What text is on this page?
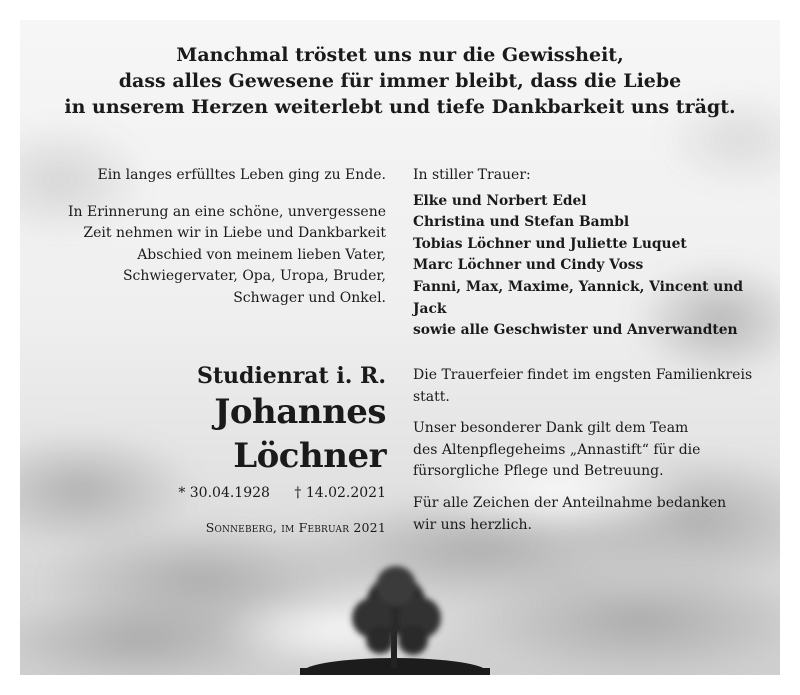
Manchmal tröstet uns nur die Gewissheit,
dass alles Gewesene für immer bleibt, dass die Liebe
in unserem Herzen weiterlebt und tiefe Dankbarkeit uns trägt.

Ein langes erfülltes Leben ging zu Ende.

In Erinnerung an eine schöne, unvergessene
Zeit nehmen wir in Liebe und Dankbarkeit
Abschied von meinem lieben Vater,
Schwiegervater, Opa, Uropa, Bruder,
Schwager und Onkel.

In stiller Trauer:

Elke und Norbert Edel
Christina und Stefan Bambl
Tobias Löchner und Juliette Luquet
Marc Löchner und Cindy Voss
Fanni, Max, Maxime, Yannick, Vincent und Jack
sowie alle Geschwister und Anverwandten

Studienrat i. R.

Johannes Löchner

* 30.04.1928 † 14.02.2021
Sonneberg, im Februar 2021

Die Trauerfeier findet im engsten Familienkreis
statt.

Unser besonderer Dank gilt dem Team
des Altenpflegeheims „Annastift“ für die
fürsorgliche Pflege und Betreuung.

Für alle Zeichen der Anteilnahme bedanken
wir uns herzlich.
